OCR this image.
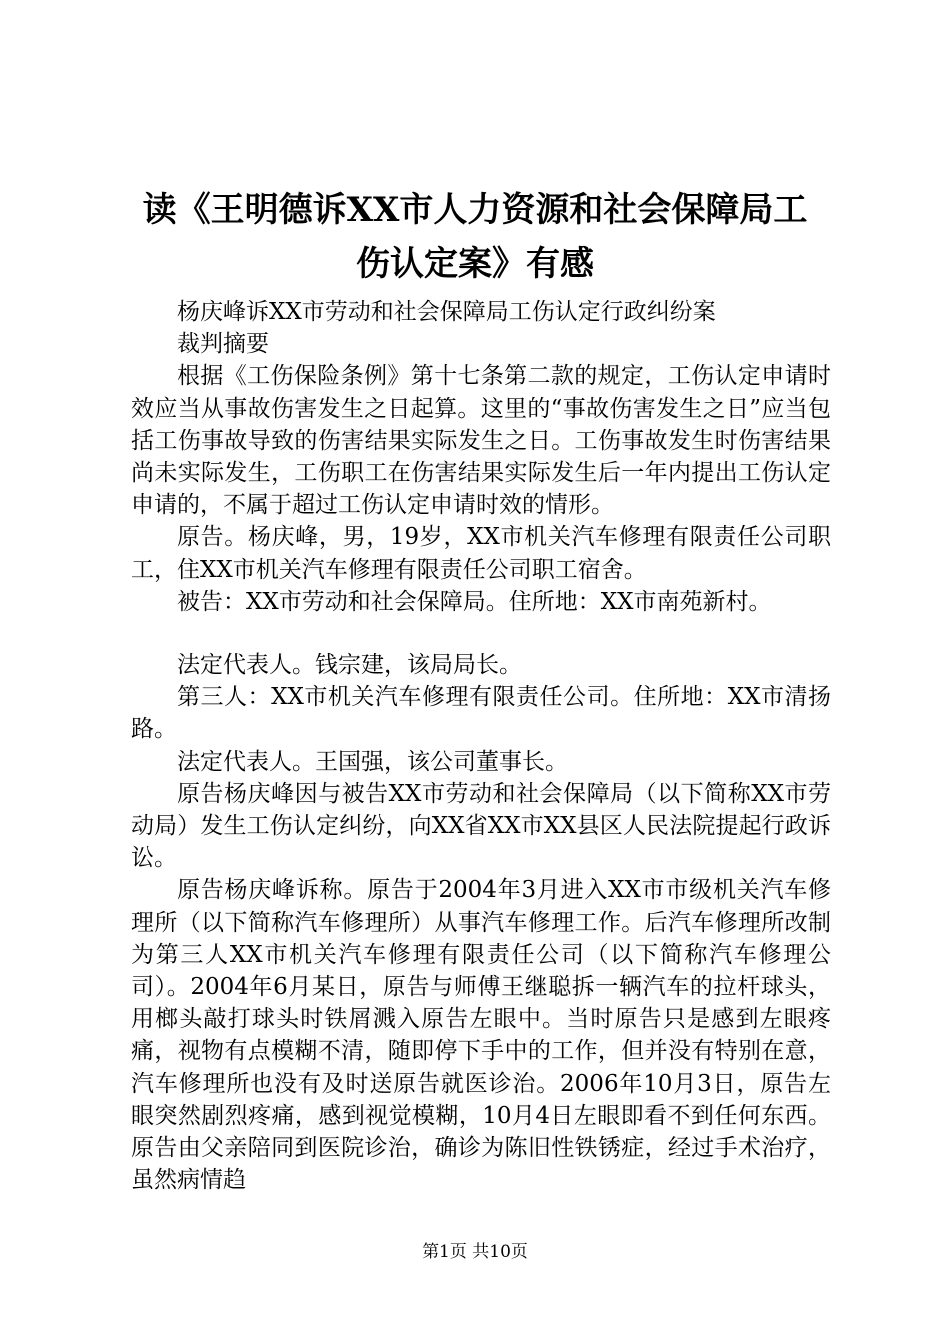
读《王明德诉XX市人力资源和社会保障局工
伤认定案》有感

杨庆峰诉XX市劳动和社会保障局工伤认定行政纠纷案

裁判摘要

根据《工伤保险条例》第十七条第二款的规定，工伤认定申请时效应当从事故伤害发生之日起算。这里的“事故伤害发生之日”应当包括工伤事故导致的伤害结果实际发生之日。工伤事故发生时伤害结果尚未实际发生，工伤职工在伤害结果实际发生后一年内提出工伤认定申请的，不属于超过工伤认定申请时效的情形。

原告。杨庆峰，男，19岁，XX市机关汽车修理有限责任公司职工，住XX市机关汽车修理有限责任公司职工宿舍。

被告：XX市劳动和社会保障局。住所地：XX市南苑新村。

法定代表人。钱宗建，该局局长。

第三人：XX市机关汽车修理有限责任公司。住所地：XX市清扬路。

法定代表人。王国强，该公司董事长。

原告杨庆峰因与被告XX市劳动和社会保障局（以下简称XX市劳动局）发生工伤认定纠纷，向XX省XX市XX县区人民法院提起行政诉讼。

原告杨庆峰诉称。原告于2004年3月进入XX市市级机关汽车修理所（以下简称汽车修理所）从事汽车修理工作。后汽车修理所改制为第三人XX市机关汽车修理有限责任公司（以下简称汽车修理公司）。2004年6月某日，原告与师傅王继聪拆一辆汽车的拉杆球头，用榔头敲打球头时铁屑溅入原告左眼中。当时原告只是感到左眼疼痛，视物有点模糊不清，随即停下手中的工作，但并没有特别在意，汽车修理所也没有及时送原告就医诊治。2006年10月3日，原告左眼突然剧烈疼痛，感到视觉模糊，10月4日左眼即看不到任何东西。原告由父亲陪同到医院诊治，确诊为陈旧性铁锈症，经过手术治疗，虽然病情趋

第1页 共10页
